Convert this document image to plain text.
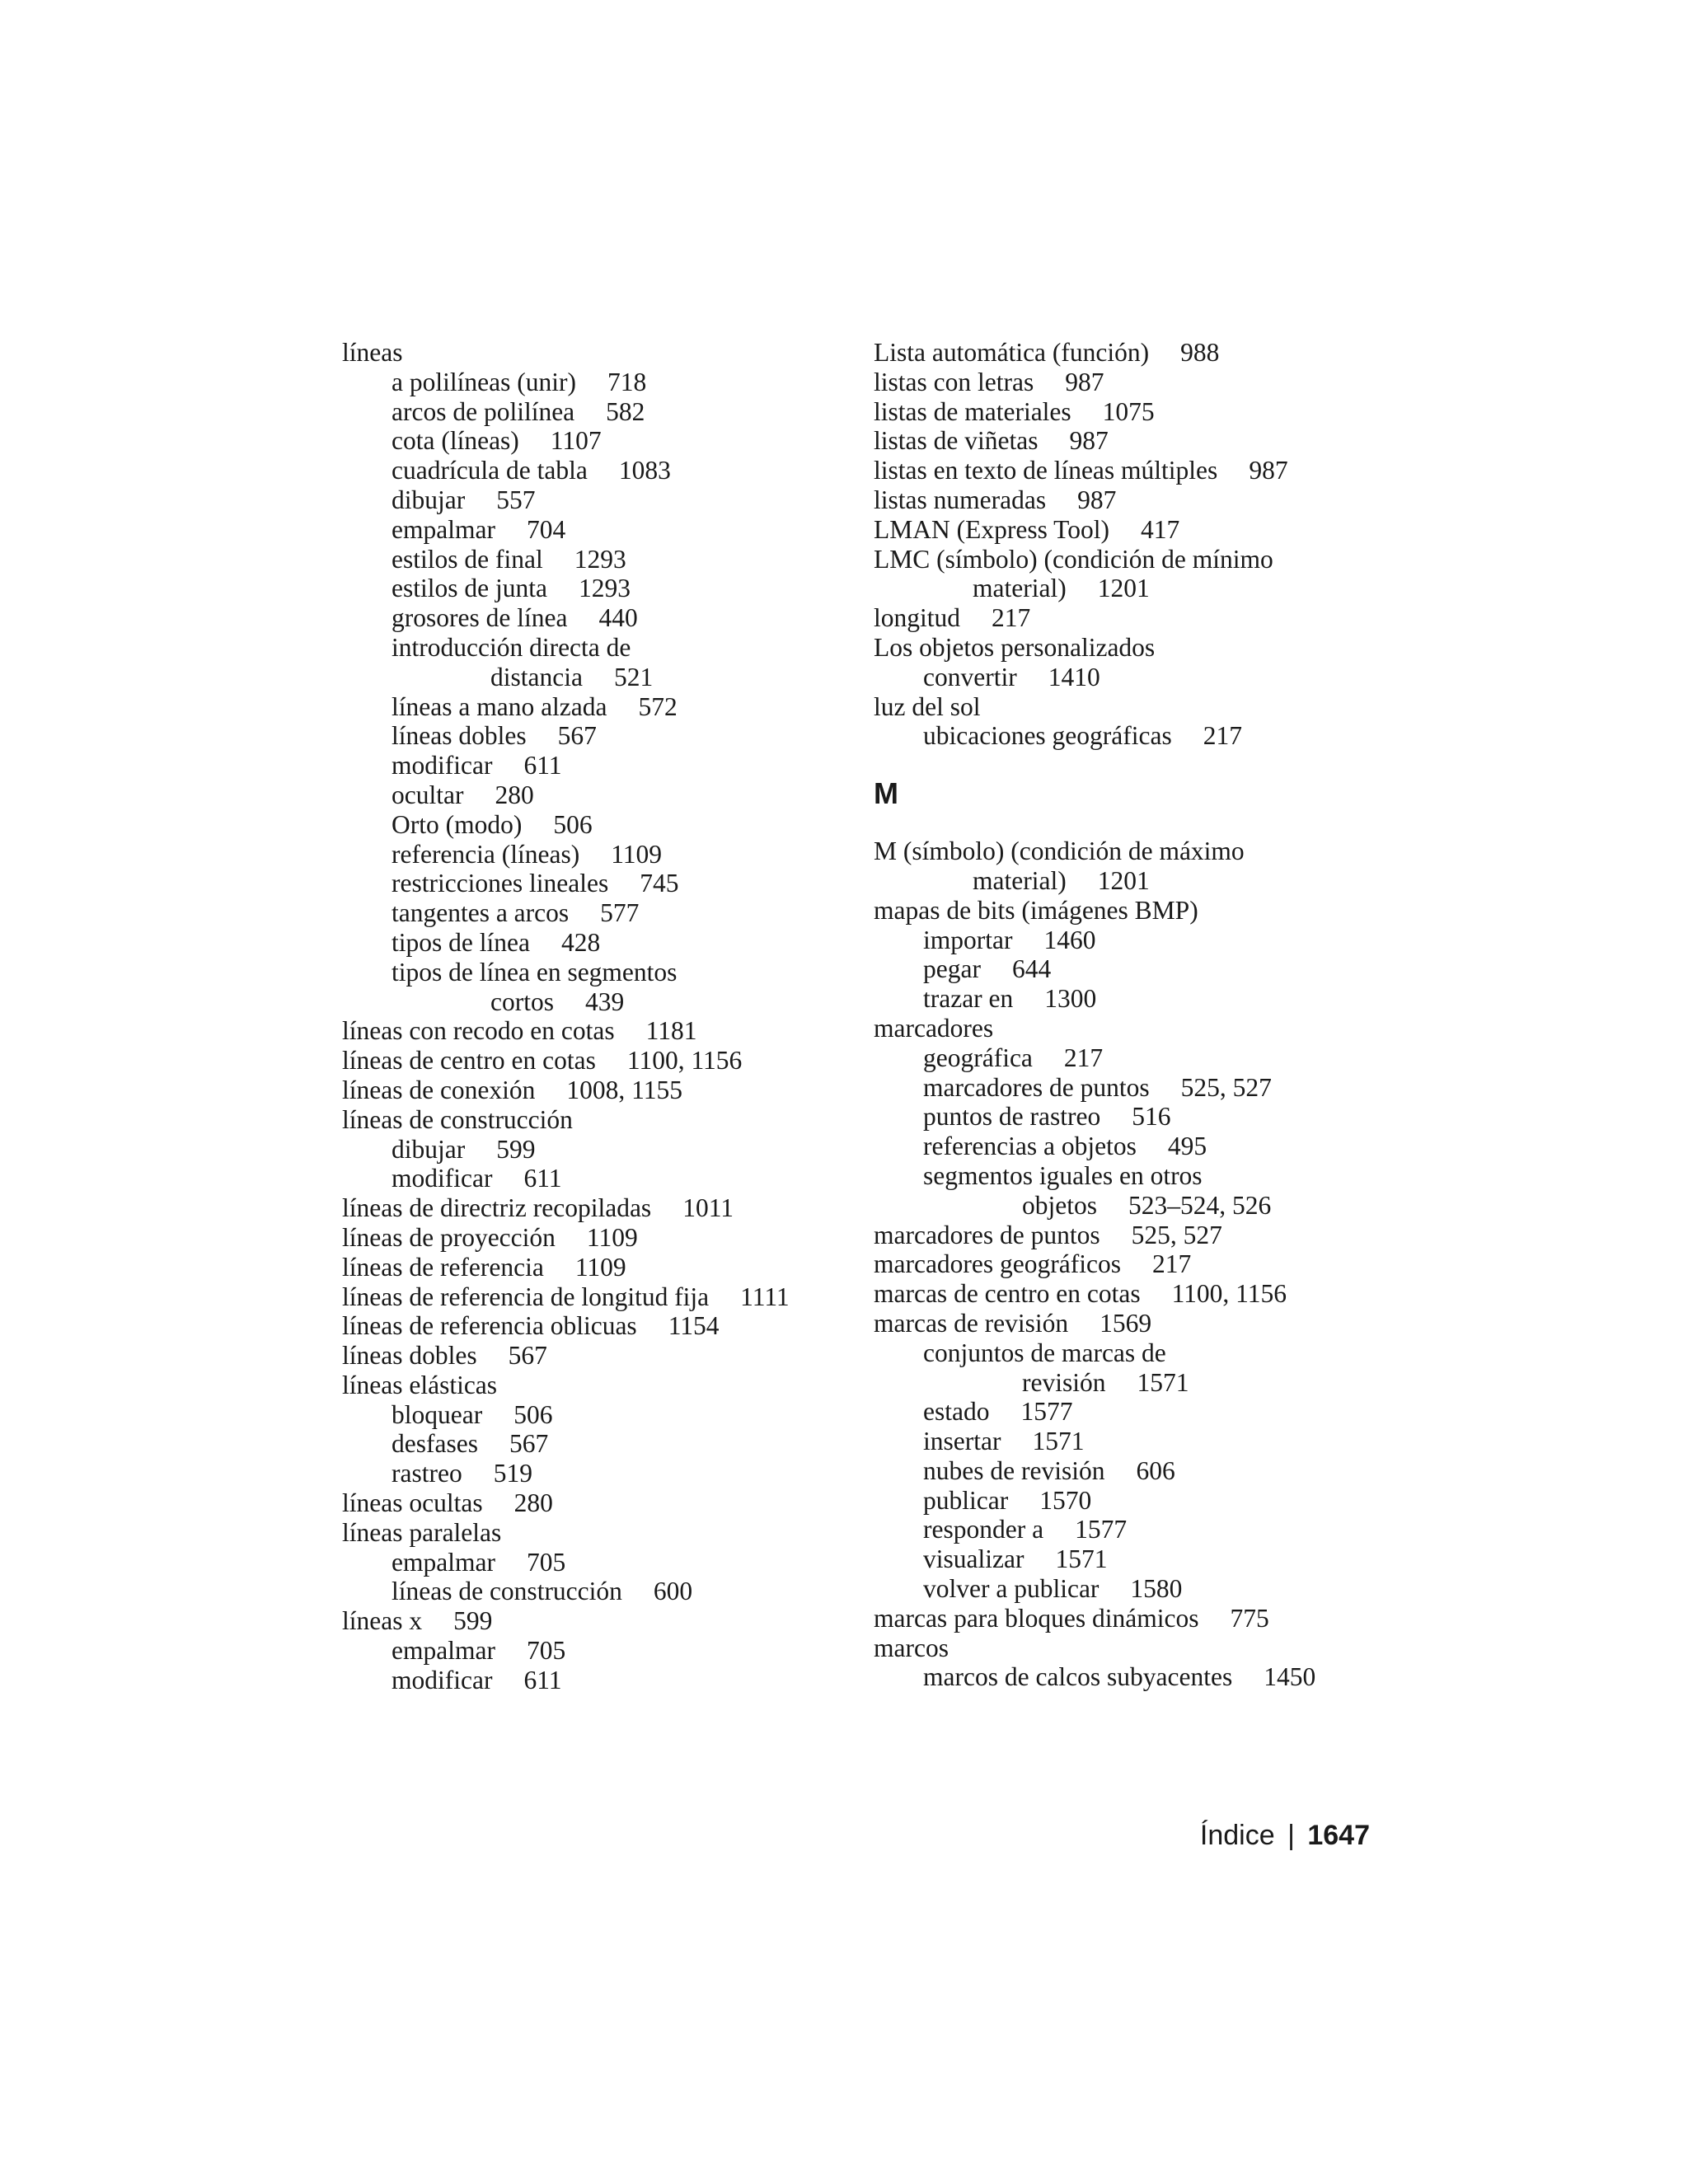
líneas
a polilíneas (unir) 718
arcos de polilínea 582
cota (líneas) 1107
cuadrícula de tabla 1083
dibujar 557
empalmar 704
estilos de final 1293
estilos de junta 1293
grosores de línea 440
introducción directa de
distancia 521
líneas a mano alzada 572
líneas dobles 567
modificar 611
ocultar 280
Orto (modo) 506
referencia (líneas) 1109
restricciones lineales 745
tangentes a arcos 577
tipos de línea 428
tipos de línea en segmentos
cortos 439
líneas con recodo en cotas 1181
líneas de centro en cotas 1100, 1156
líneas de conexión 1008, 1155
líneas de construcción
dibujar 599
modificar 611
líneas de directriz recopiladas 1011
líneas de proyección 1109
líneas de referencia 1109
líneas de referencia de longitud fija 1111
líneas de referencia oblicuas 1154
líneas dobles 567
líneas elásticas
bloquear 506
desfases 567
rastreo 519
líneas ocultas 280
líneas paralelas
empalmar 705
líneas de construcción 600
líneas x 599
empalmar 705
modificar 611
Lista automática (función) 988
listas con letras 987
listas de materiales 1075
listas de viñetas 987
listas en texto de líneas múltiples 987
listas numeradas 987
LMAN (Express Tool) 417
LMC (símbolo) (condición de mínimo
material) 1201
longitud 217
Los objetos personalizados
convertir 1410
luz del sol
ubicaciones geográficas 217
M
M (símbolo) (condición de máximo
material) 1201
mapas de bits (imágenes BMP)
importar 1460
pegar 644
trazar en 1300
marcadores
geográfica 217
marcadores de puntos 525, 527
puntos de rastreo 516
referencias a objetos 495
segmentos iguales en otros
objetos 523–524, 526
marcadores de puntos 525, 527
marcadores geográficos 217
marcas de centro en cotas 1100, 1156
marcas de revisión 1569
conjuntos de marcas de
revisión 1571
estado 1577
insertar 1571
nubes de revisión 606
publicar 1570
responder a 1577
visualizar 1571
volver a publicar 1580
marcas para bloques dinámicos 775
marcos
marcos de calcos subyacentes 1450
Índice | 1647
